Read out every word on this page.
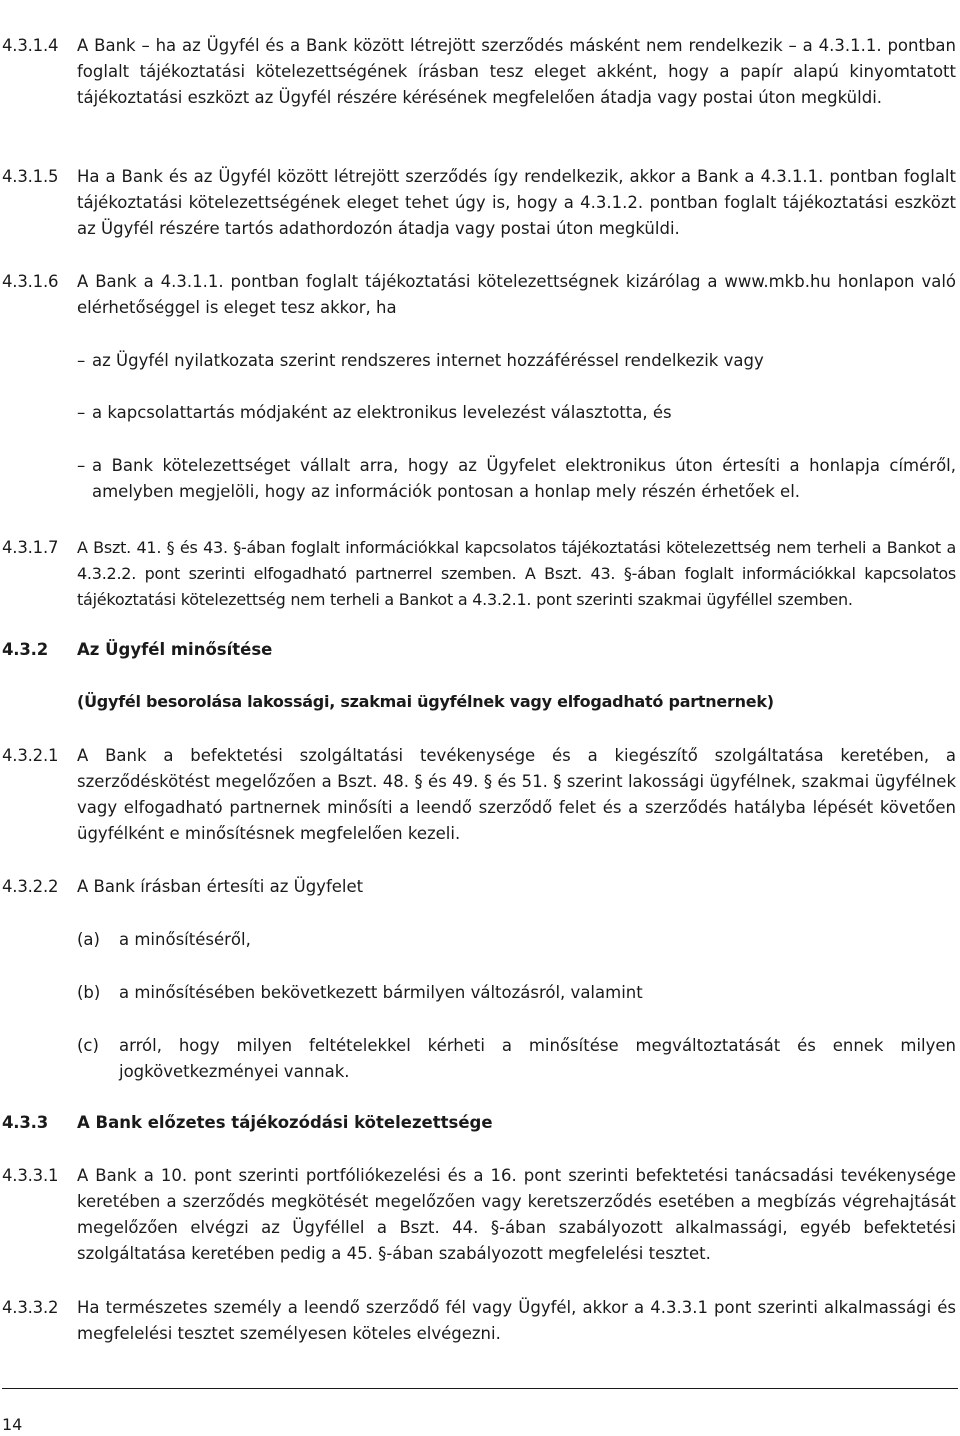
4.3.1.4 A Bank – ha az Ügyfél és a Bank között létrejött szerződés másként nem rendelkezik – a 4.3.1.1. pontban foglalt tájékoztatási kötelezettségének írásban tesz eleget akként, hogy a papír alapú kinyomtatott tájékoztatási eszközt az Ügyfél részére kérésének megfelelően átadja vagy postai úton megküldi.
4.3.1.5 Ha a Bank és az Ügyfél között létrejött szerződés így rendelkezik, akkor a Bank a 4.3.1.1. pontban foglalt tájékoztatási kötelezettségének eleget tehet úgy is, hogy a 4.3.1.2. pontban foglalt tájékoztatási eszközt az Ügyfél részére tartós adathordozón átadja vagy postai úton megküldi.
4.3.1.6 A Bank a 4.3.1.1. pontban foglalt tájékoztatási kötelezettségnek kizárólag a www.mkb.hu honlapon való elérhetőséggel is eleget tesz akkor, ha
– az Ügyfél nyilatkozata szerint rendszeres internet hozzáféréssel rendelkezik vagy
– a kapcsolattartás módjaként az elektronikus levelezést választotta, és
– a Bank kötelezettséget vállalt arra, hogy az Ügyfelet elektronikus úton értesíti a honlapja címéről, amelyben megjelöli, hogy az információk pontosan a honlap mely részén érhetőek el.
4.3.1.7 A Bszt. 41. § és 43. §-ában foglalt információkkal kapcsolatos tájékoztatási kötelezettség nem terheli a Bankot a 4.3.2.2. pont szerinti elfogadható partnerrel szemben. A Bszt. 43. §-ában foglalt információkkal kapcsolatos tájékoztatási kötelezettség nem terheli a Bankot a 4.3.2.1. pont szerinti szakmai ügyféllel szemben.
4.3.2 Az Ügyfél minősítése
(Ügyfél besorolása lakossági, szakmai ügyfélnek vagy elfogadható partnernek)
4.3.2.1 A Bank a befektetési szolgáltatási tevékenysége és a kiegészítő szolgáltatása keretében, a szerződéskötést megelőzően a Bszt. 48. § és 49. § és 51. § szerint lakossági ügyfélnek, szakmai ügyfélnek vagy elfogadható partnernek minősíti a leendő szerződő felet és a szerződés hatályba lépését követően ügyfélként e minősítésnek megfelelően kezeli.
4.3.2.2 A Bank írásban értesíti az Ügyfelet
(a) a minősítéséről,
(b) a minősítésében bekövetkezett bármilyen változásról, valamint
(c) arról, hogy milyen feltételekkel kérheti a minősítése megváltoztatását és ennek milyen jogkövetkezményei vannak.
4.3.3 A Bank előzetes tájékozódási kötelezettsége
4.3.3.1 A Bank a 10. pont szerinti portfóliókezelési és a 16. pont szerinti befektetési tanácsadási tevékenysége keretében a szerződés megkötését megelőzően vagy keretszerződés esetében a megbízás végrehajtását megelőzően elvégzi az Ügyféllel a Bszt. 44. §-ában szabályozott alkalmassági, egyéb befektetési szolgáltatása keretében pedig a 45. §-ában szabályozott megfelelési tesztet.
4.3.3.2 Ha természetes személy a leendő szerződő fél vagy Ügyfél, akkor a 4.3.3.1 pont szerinti alkalmassági és megfelelési tesztet személyesen köteles elvégezni.
14
